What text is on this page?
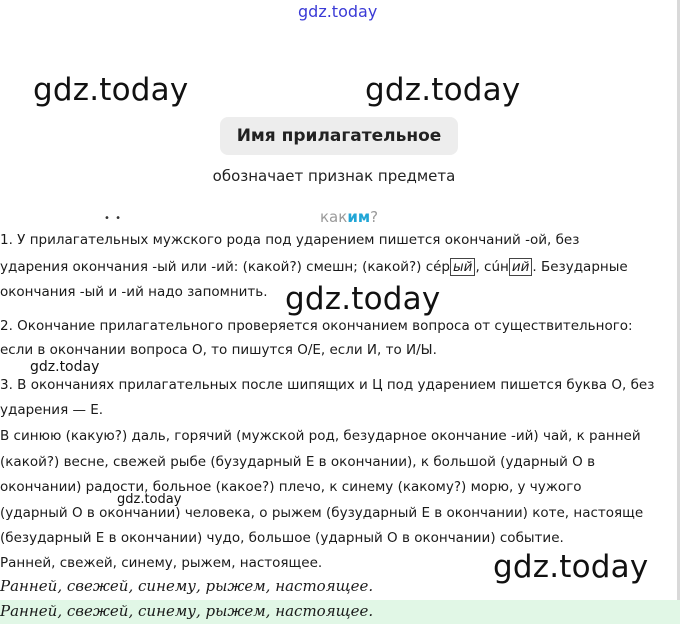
gdz.today
gdz.today	gdz.today
Имя прилагательное
обозначает признак предмета
• •	каким?

1. У прилагательных мужского рода под ударением пишется окончаний -ой, без

ударения окончания -ый или -ий: (какой?) смешн; (какой?) сéр ый , сúн ий . Безударные

окончания -ый и -ий надо запомнить. gdz.today

2. Окончание прилагательного проверяется окончанием вопроса от существительного:

если в окончании вопроса О, то пишутся О/Е, если И, то И/Ы.

gdz.today

3. В окончаниях прилагательных после шипящих и Ц под ударением пишется буква О, без

ударения — Е.

В синюю (какую?) даль, горячий (мужской род, безударное окончание -ий) чай, к ранней

(какой?) весне, свежей рыбе (бузударный Е в окончании), к большой (ударный О в

окончании) радости, больное (какое?) плечо, к синему (какому?) морю, у чужого

gdz.today

(ударный О в окончании) человека, о рыжем (бузударный Е в окончании) коте, настояще

(безударный Е в окончании) чудо, большое (ударный О в окончании) событие.

Ранней, свежей, синему, рыжем, настоящее.	gdz.today
Ранней, свежей, синему, рыжем, настоящее.
Ранней, свежей, синему, рыжем, настоящее.
